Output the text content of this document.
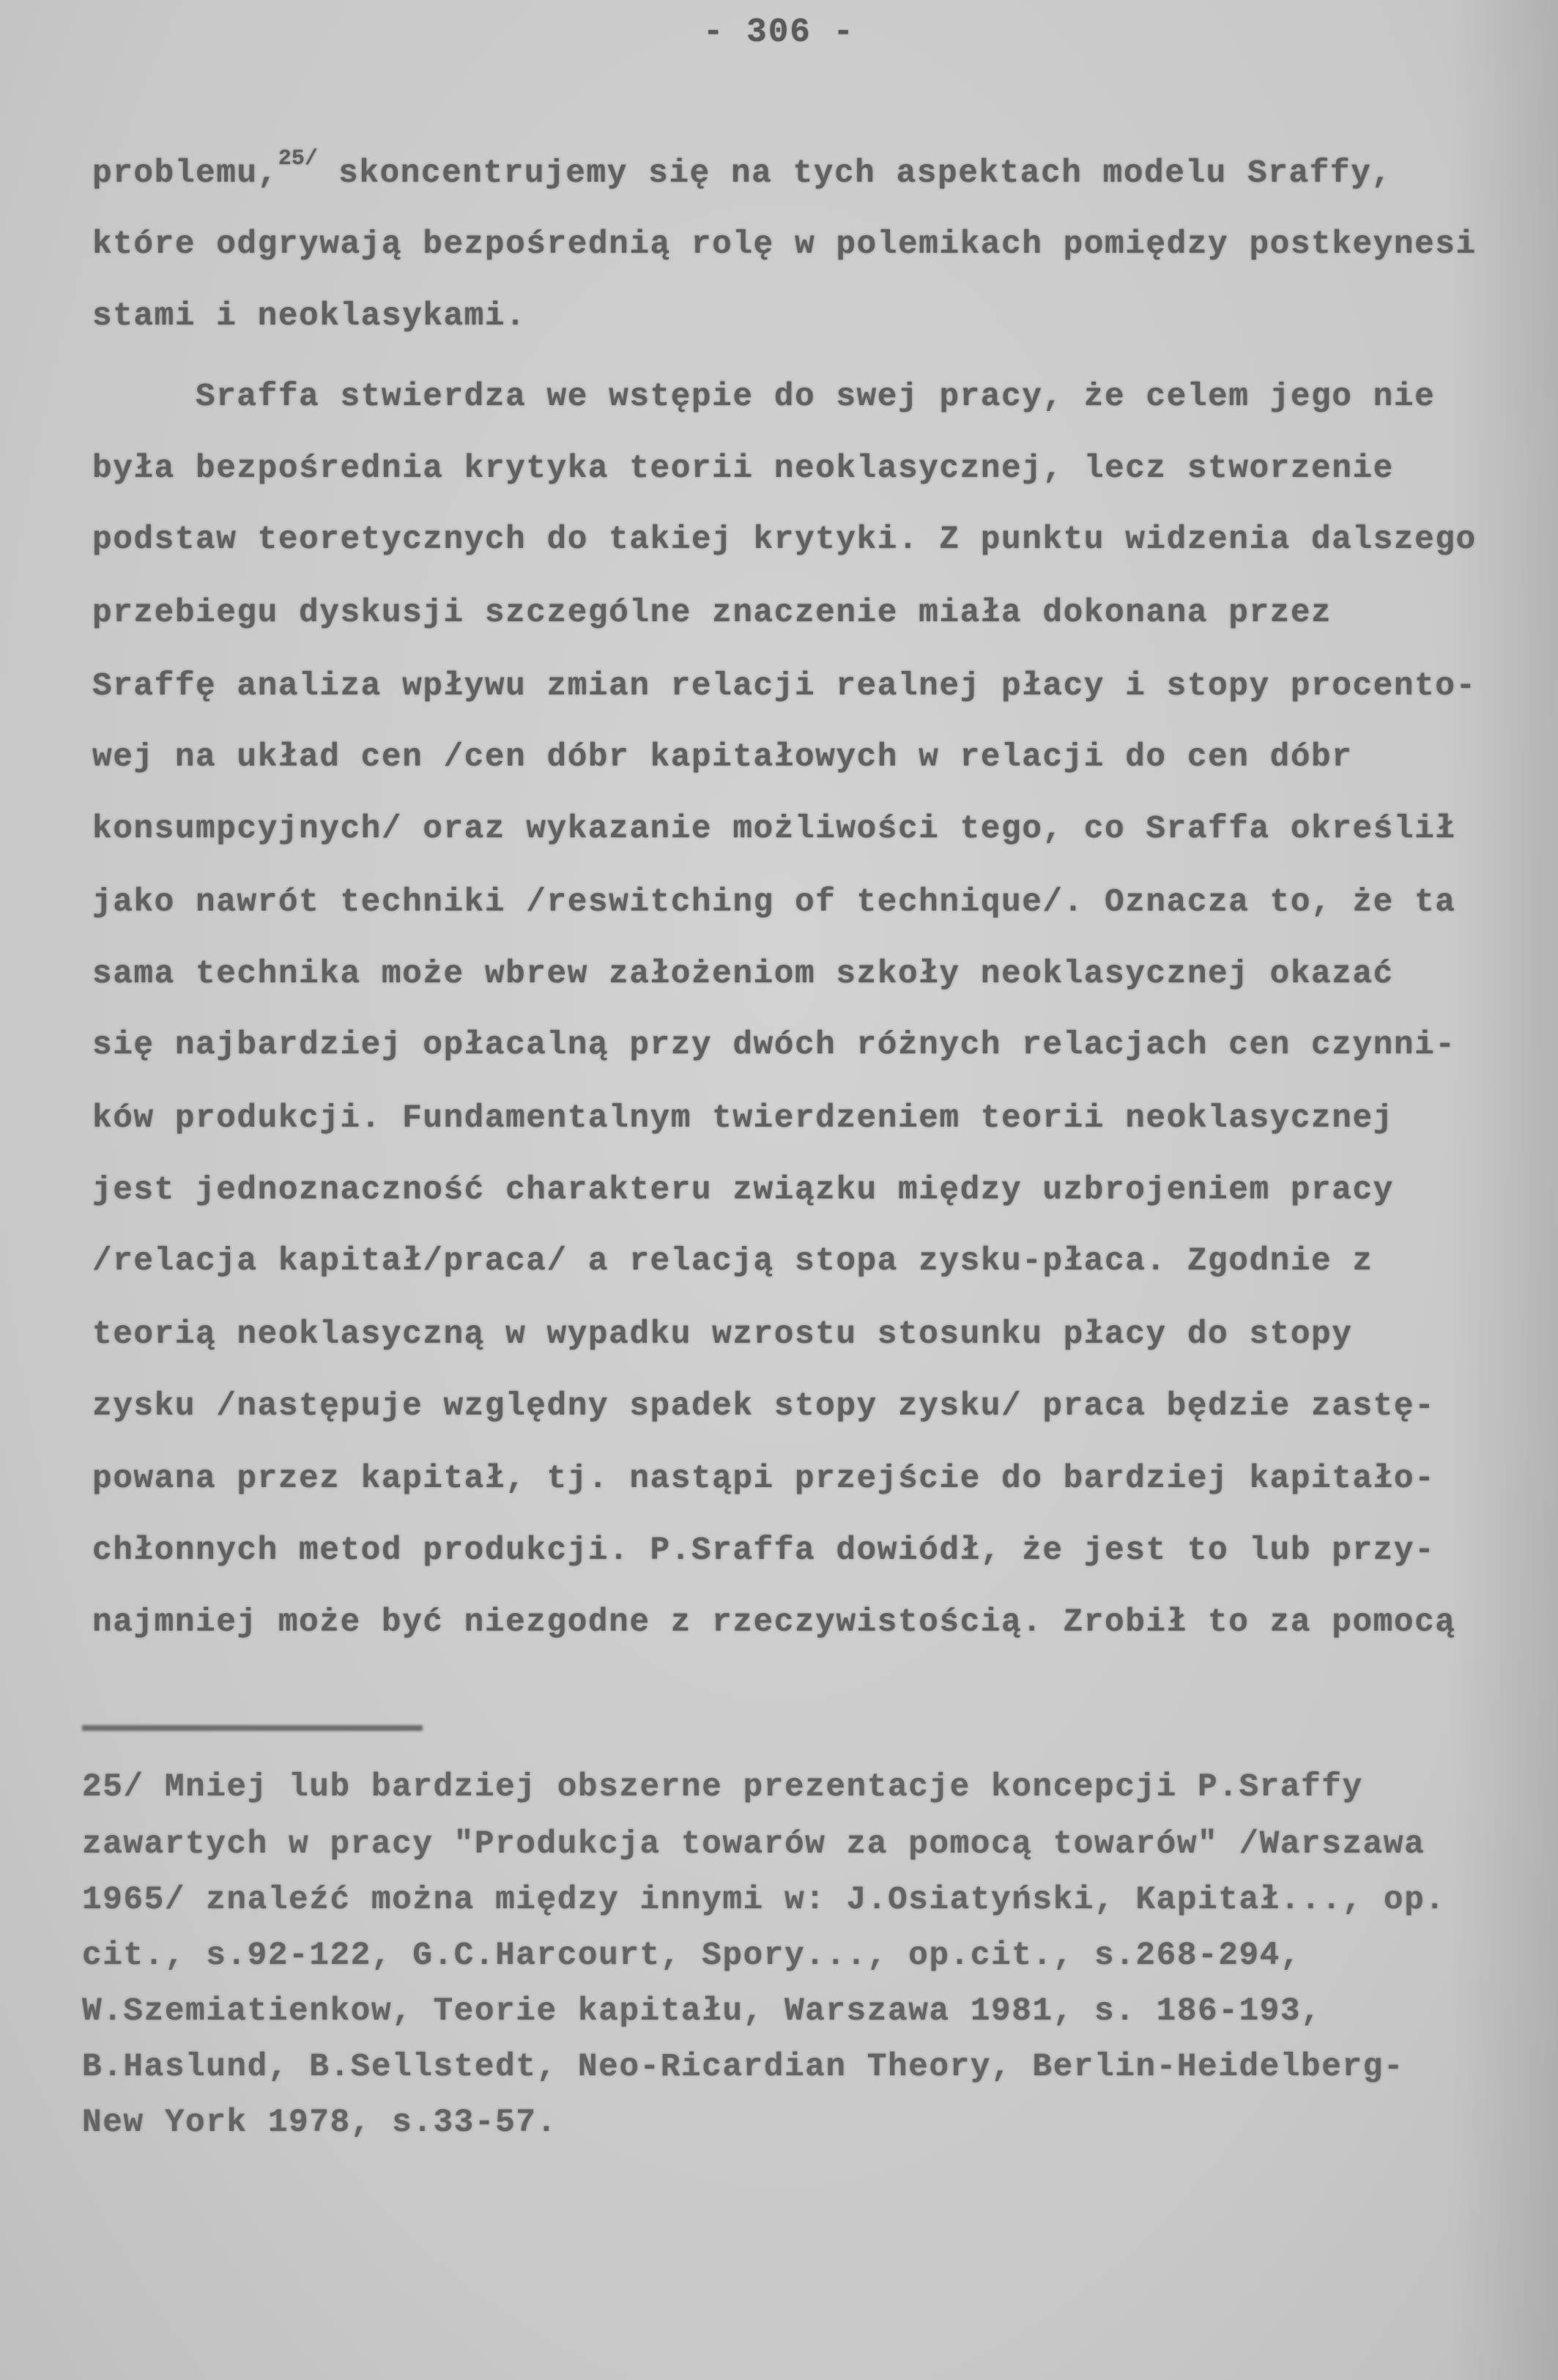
- 306 -
problemu,$^{25/}$ skoncentrujemy się na tych aspektach modelu Sraffy,
które odgrywają bezpośrednią rolę w polemikach pomiędzy postkeynesi
stami i neoklasykami.
Sraffa stwierdza we wstępie do swej pracy, że celem jego nie
była bezpośrednia krytyka teorii neoklasycznej, lecz stworzenie
podstaw teoretycznych do takiej krytyki. Z punktu widzenia dalszego
przebiegu dyskusji szczególne znaczenie miała dokonana przez
Sraffę analiza wpływu zmian relacji realnej płacy i stopy procento-
wej na układ cen /cen dóbr kapitałowych w relacji do cen dóbr
konsumpcyjnych/ oraz wykazanie możliwości tego, co Sraffa określił
jako nawrót techniki /reswitching of technique/. Oznacza to, że ta
sama technika może wbrew założeniom szkoły neoklasycznej okazać
się najbardziej opłacalną przy dwóch różnych relacjach cen czynni-
ków produkcji. Fundamentalnym twierdzeniem teorii neoklasycznej
jest jednoznaczność charakteru związku między uzbrojeniem pracy
/relacja kapitał/praca/ a relacją stopa zysku-płaca. Zgodnie z
teorią neoklasyczną w wypadku wzrostu stosunku płacy do stopy
zysku /następuje względny spadek stopy zysku/ praca będzie zastę-
powana przez kapitał, tj. nastąpi przejście do bardziej kapitało-
chłonnych metod produkcji. P.Sraffa dowiódł, że jest to lub przy-
najmniej może być niezgodne z rzeczywistością. Zrobił to za pomocą
25/ Mniej lub bardziej obszerne prezentacje koncepcji P.Sraffy
zawartych w pracy "Produkcja towarów za pomocą towarów" /Warszawa
1965/ znaleźć można między innymi w: J.Osiatyński, Kapitał..., op.
cit., s.92-122, G.C.Harcourt, Spory..., op.cit., s.268-294,
W.Szemiatienkow, Teorie kapitału, Warszawa 1981, s. 186-193,
B.Haslund, B.Sellstedt, Neo-Ricardian Theory, Berlin-Heidelberg-
New York 1978, s.33-57.
